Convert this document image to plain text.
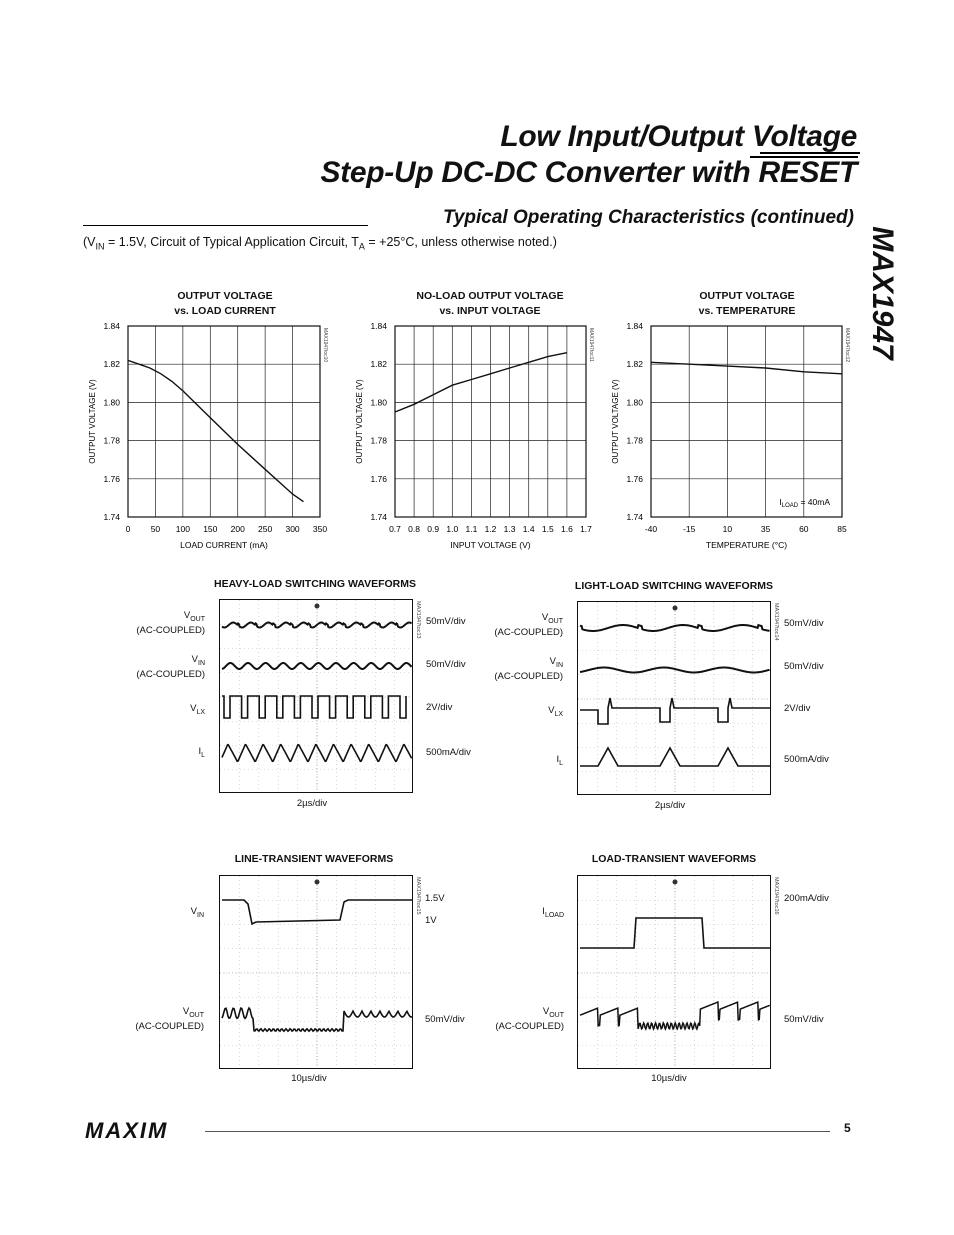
Low Input/Output Voltage
Step-Up DC-DC Converter with RESET
MAX1947
Typical Operating Characteristics (continued)
($V_{IN} = 1.5V$, Circuit of Typical Application Circuit, $T_A = +25^\circ C$, unless otherwise noted.)
OUTPUT VOLTAGE
vs. LOAD CURRENT
NO-LOAD OUTPUT VOLTAGE
vs. INPUT VOLTAGE
OUTPUT VOLTAGE
vs. TEMPERATURE
0 50 100 150 200 250 300 350
1.84
1.82
1.80
1.78
1.76
1.74
LOAD CURRENT (mA)
OUTPUT VOLTAGE (V)
MAX1947toc10
0.7 0.8 0.9 1.0 1.1 1.2 1.3 1.4 1.5 1.6 1.7
1.84
1.82
1.80
1.78
1.76
1.74
INPUT VOLTAGE (V)
OUTPUT VOLTAGE (V)
MAX1947toc11
-40	-15	10	35	60	85
1.84
1.82
1.80
1.78
1.76
1.74
TEMPERATURE (°C)
OUTPUT VOLTAGE (V)
MAX1947toc12
$I_{LOAD} = 40mA$
HEAVY-LOAD SWITCHING WAVEFORMS	LIGHT-LOAD SWITCHING WAVEFORMS
LINE-TRANSIENT WAVEFORMS	LOAD-TRANSIENT WAVEFORMS
MAX1947toc13	MAX1947toc14
MAX1947toc15	MAX1947toc16
$V_{OUT}$
(AC-COUPLED)
$V_{IN}$
(AC-COUPLED)
$V_{LX}$
$I_L$
50mV/div
50mV/div
2V/div
500mA/div
2µs/div
$V_{OUT}$
(AC-COUPLED)
$V_{IN}$
(AC-COUPLED)
$V_{LX}$
$I_L$
50mV/div
50mV/div
2V/div
500mA/div
2µs/div
$V_{IN}$
$V_{OUT}$
(AC-COUPLED)
1.5V
1V
50mV/div
10µs/div
$I_{LOAD}$
$V_{OUT}$
(AC-COUPLED)
200mA/div
50mV/div
10µs/div
MAXIM	5
